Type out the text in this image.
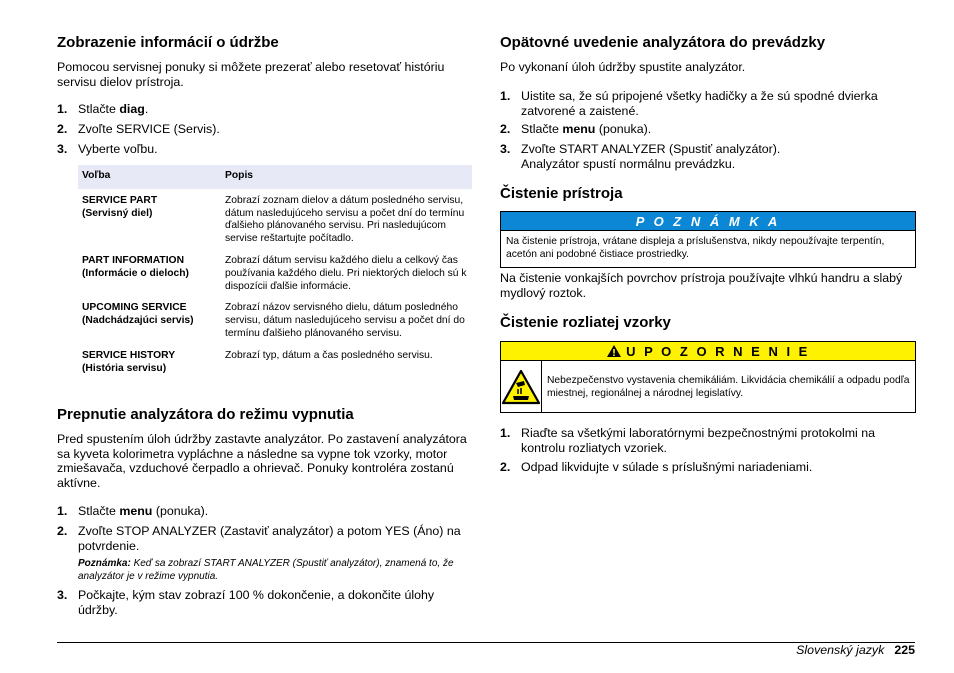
Zobrazenie informácií o údržbe

Pomocou servisnej ponuky si môžete prezerať alebo resetovať históriu servisu dielov prístroja.

1. Stlačte diag.
2. Zvoľte SERVICE (Servis).
3. Vyberte voľbu.
Voľba	Popis
SERVICE PART
(Servisný diel)	Zobrazí zoznam dielov a dátum posledného servisu, dátum nasledujúceho servisu a počet dní do termínu ďalšieho plánovaného servisu. Pri nasledujúcom servise reštartujte počítadlo.
PART INFORMATION
(Informácie o dieloch)	Zobrazí dátum servisu každého dielu a celkový čas používania každého dielu. Pri niektorých dieloch sú k dispozícii ďalšie informácie.
UPCOMING SERVICE
(Nadchádzajúci servis)	Zobrazí názov servisného dielu, dátum posledného servisu, dátum nasledujúceho servisu a počet dní do termínu ďalšieho plánovaného servisu.
SERVICE HISTORY
(História servisu)	Zobrazí typ, dátum a čas posledného servisu.
Prepnutie analyzátora do režimu vypnutia

Pred spustením úloh údržby zastavte analyzátor. Po zastavení analyzátora sa kyveta kolorimetra vypláchne a následne sa vypne tok vzorky, motor zmiešavača, vzduchové čerpadlo a ohrievač. Ponuky kontroléra zostanú aktívne.

1. Stlačte menu (ponuka).
2. Zvoľte STOP ANALYZER (Zastaviť analyzátor) a potom YES (Áno) na potvrdenie.
Poznámka: Keď sa zobrazí START ANALYZER (Spustiť analyzátor), znamená to, že analyzátor je v režime vypnutia.
3. Počkajte, kým stav zobrazí 100 % dokončenie, a dokončite úlohy údržby.
Opätovné uvedenie analyzátora do prevádzky

Po vykonaní úloh údržby spustite analyzátor.

1. Uistite sa, že sú pripojené všetky hadičky a že sú spodné dvierka zatvorené a zaistené.
2. Stlačte menu (ponuka).
3. Zvoľte START ANALYZER (Spustiť analyzátor).
Analyzátor spustí normálnu prevádzku.
Čistenie prístroja
P O Z N Á M K A
Na čistenie prístroja, vrátane displeja a príslušenstva, nikdy nepoužívajte terpentín, acetón ani podobné čistiace prostriedky.

Na čistenie vonkajších povrchov prístroja používajte vlhkú handru a slabý mydlový roztok.

Čistenie rozliatej vzorky
U P O Z O R N E N I E
Nebezpečenstvo vystavenia chemikáliám. Likvidácia chemikálií a odpadu podľa miestnej, regionálnej a národnej legislatívy.
1. Riaďte sa všetkými laboratórnymi bezpečnostnými protokolmi na kontrolu rozliatych vzoriek.
2. Odpad likvidujte v súlade s príslušnými nariadeniami.
Slovenský jazyk 225
